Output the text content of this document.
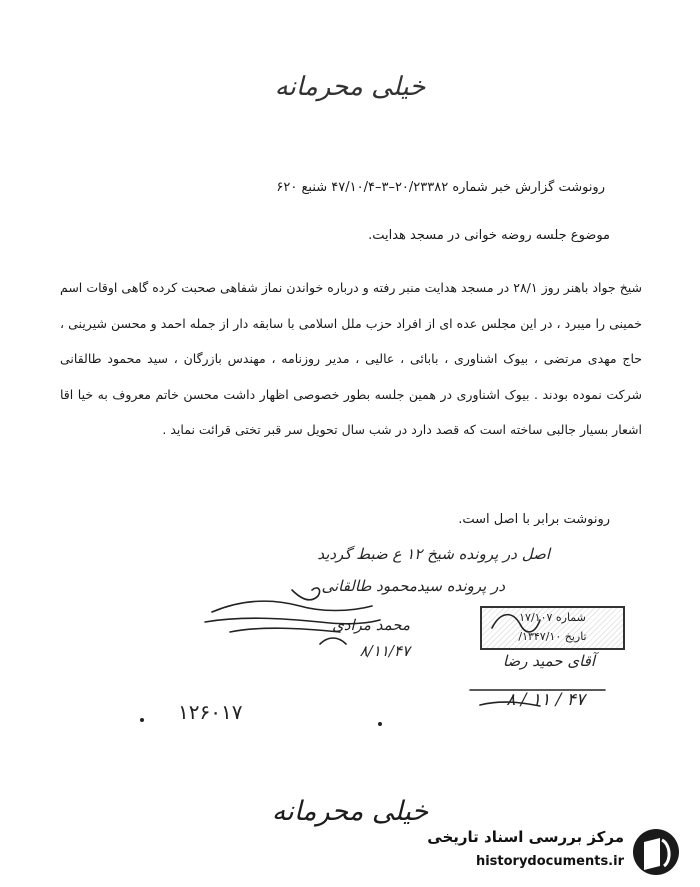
خیلی محرمانه
رونوشت گزارش خبر شماره ۲۰/۲۳۳۸۲–۳–۴۷/۱۰/۴ شنبع ۶۲۰
موضوع جلسه روضه خوانی در مسجد هدایت.

شیخ جواد باهنر روز ۲۸/۱ در مسجد هدایت منبر رفته و درباره خواندن نماز شفاهی صحبت کرده گاهی اوقات اسم خمینی را میبرد ، در این مجلس عده ای از افراد حزب ملل اسلامی با سابقه دار از جمله احمد و محسن شیرینی ، حاج مهدی مرتضی ، بیوک اشناوری ، بابائی ، عالیی ، مدیر روزنامه ، مهندس بازرگان ، سید محمود طالقانی شرکت نموده بودند . بیوک اشناوری در همین جلسه بطور خصوصی اظهار داشت محسن خاتم معروف به خیا اقا اشعار بسیار جالبی ساخته است که قصد دارد در شب سال تحویل سر قبر تختی قرائت نماید .

رونوشت برابر با اصل است.
اصل در پرونده شیخ ۱۲ ع ضبط گردید
در پرونده سیدمحمود طالقانی
محمد مرادی
۸/۱۱/۴۷
شماره ۱۷/۱۰۷
تاریخ ۱۳۴۷/۱۰/
آقای حمید رضا
۸ / ۱۱ / ۴۷
۱۲۶۰۱۷
خیلی محرمانه
مرکز بررسی اسناد تاریخی
historydocuments.ir
